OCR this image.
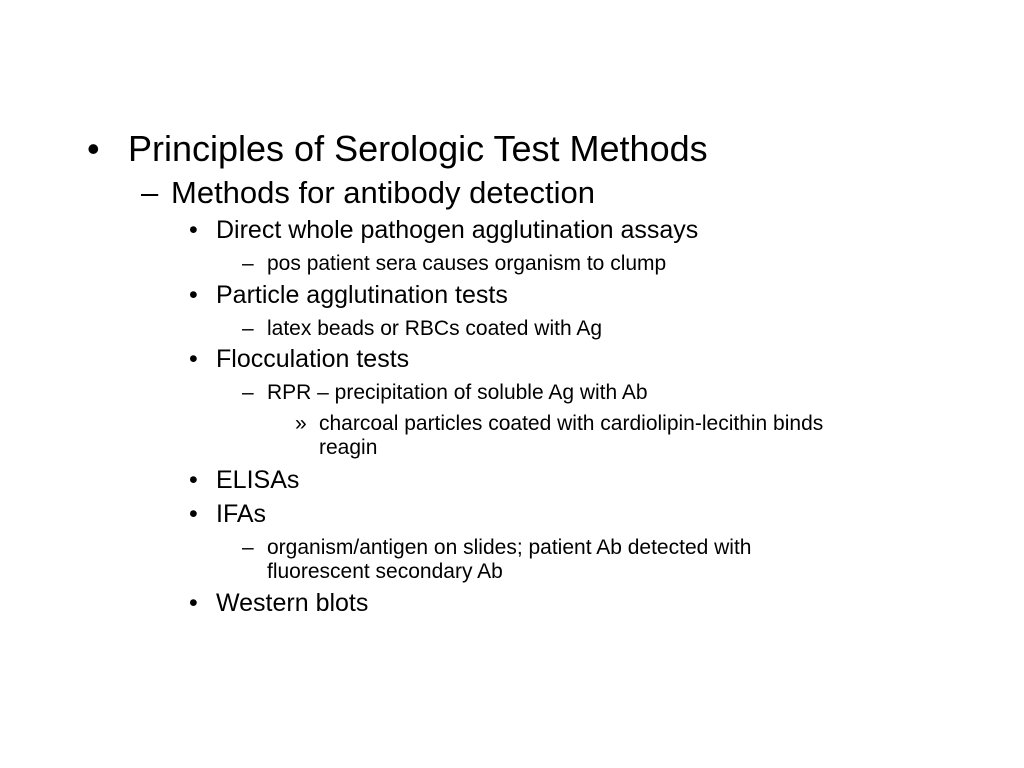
• Principles of Serologic Test Methods
– Methods for antibody detection
• Direct whole pathogen agglutination assays
– pos patient sera causes organism to clump
• Particle agglutination tests
– latex beads or RBCs coated with Ag
• Flocculation tests
– RPR – precipitation of soluble Ag with Ab
» charcoal particles coated with cardiolipin-lecithin binds
reagin
• ELISAs
• IFAs
– organism/antigen on slides; patient Ab detected with
fluorescent secondary Ab
• Western blots
